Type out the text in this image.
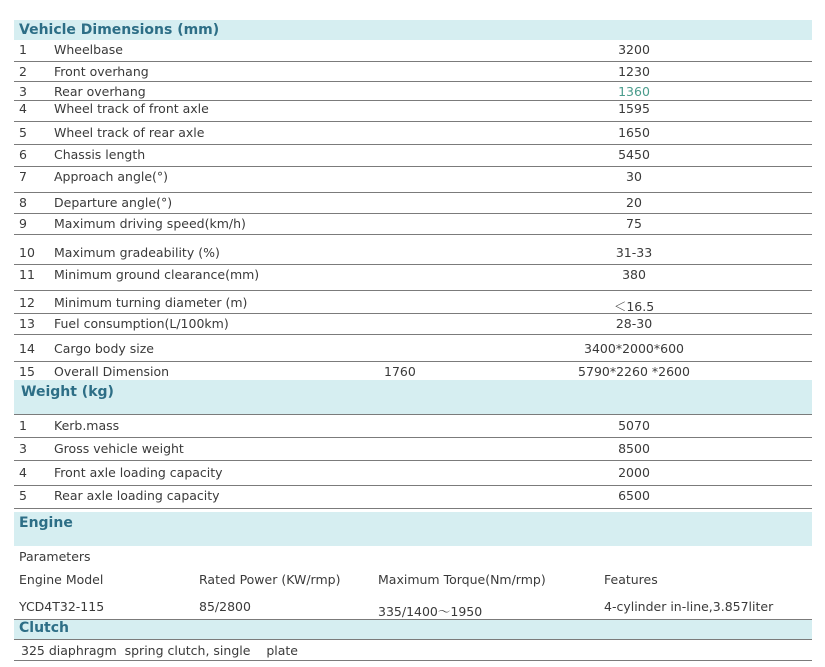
Vehicle Dimensions (mm)
1 Wheelbase	3200
2 Front overhang	1230
3 Rear overhang	1360
4 Wheel track of front axle	1595
5 Wheel track of rear axle	1650
6 Chassis length	5450
7 Approach angle(°)	30
8 Departure angle(°)	20
9 Maximum driving speed(km/h)	75
10 Maximum gradeability (%)	31-33
11 Minimum ground clearance(mm)	380
12 Minimum turning diameter (m)	＜16.5
13 Fuel consumption(L/100km)	28-30
14 Cargo body size	3400*2000*600
15 Overall Dimension	1760	5790*2260 *2600
Weight (kg)
1 Kerb.mass	5070
3 Gross vehicle weight	8500
4 Front axle loading capacity	2000
5 Rear axle loading capacity	6500
Engine
Parameters
Engine Model	Rated Power (KW/rmp)	Maximum Torque(Nm/rmp)	Features
YCD4T32-115	85/2800	335/1400～1950	4-cylinder in-line,3.857liter
Clutch
325 diaphragm  spring clutch, single    plate
